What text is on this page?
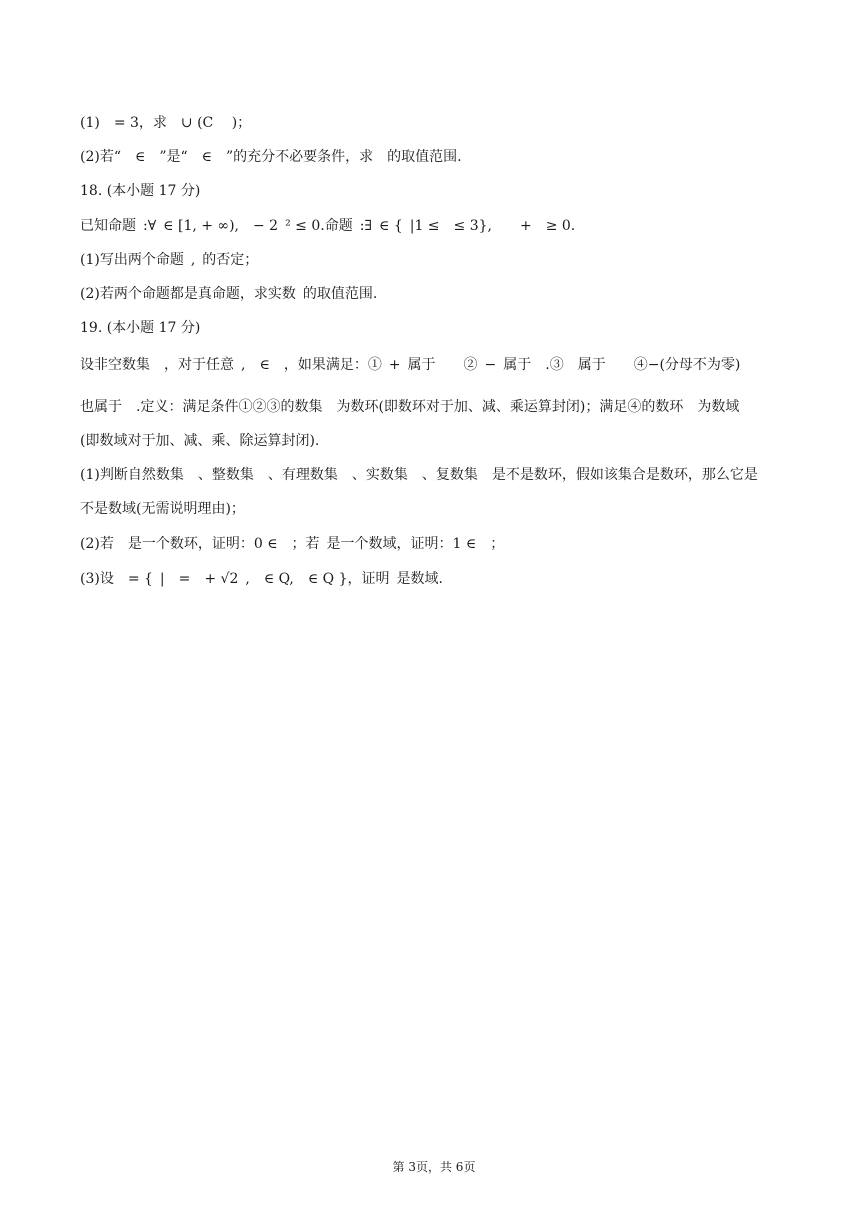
(1) = 3，求 ∪ (C  )；
(2)若“ ∈ ”是“ ∈ ”的充分不必要条件，求 的取值范围.
18. (本小题 17 分)
已知命题 :∀ ∈ [1, + ∞), − 2 ² ≤ 0.命题 :∃ ∈ { |1 ≤ ≤ 3},  + ≥ 0.
(1)写出两个命题 , 的否定；
(2)若两个命题都是真命题，求实数 的取值范围.
19. (本小题 17 分)
设非空数集 ，对于任意 , ∈ ，如果满足：① + 属于  ② − 属于 .③ 属于  ④−(分母不为零)
也属于 .定义：满足条件①②③的数集 为数环(即数环对于加、减、乘运算封闭)；满足④的数环 为数域
(即数域对于加、减、乘、除运算封闭).
(1)判断自然数集 、整数集 、有理数集 、实数集 、复数集 是不是数环，假如该集合是数环，那么它是
不是数域(无需说明理由)；
(2)若 是一个数环，证明：0 ∈ ；若 是一个数域，证明：1 ∈ ；
(3)设 = { | = + √2 , ∈ Q, ∈ Q }，证明 是数域.
第 3页，共 6页
